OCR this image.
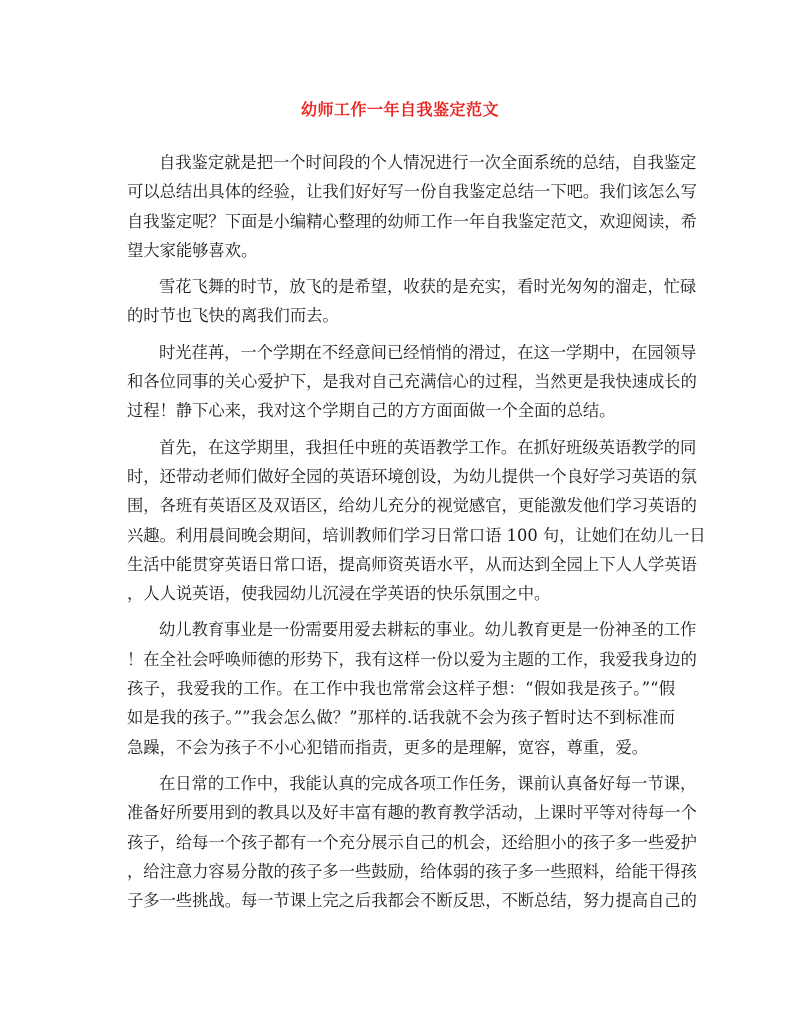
幼师工作一年自我鉴定范文
自我鉴定就是把一个时间段的个人情况进行一次全面系统的总结，自我鉴定
可以总结出具体的经验，让我们好好写一份自我鉴定总结一下吧。我们该怎么写
自我鉴定呢？下面是小编精心整理的幼师工作一年自我鉴定范文，欢迎阅读，希
望大家能够喜欢。
雪花飞舞的时节，放飞的是希望，收获的是充实，看时光匆匆的溜走，忙碌
的时节也飞快的离我们而去。
时光荏苒，一个学期在不经意间已经悄悄的滑过，在这一学期中，在园领导
和各位同事的关心爱护下，是我对自己充满信心的过程，当然更是我快速成长的
过程！静下心来，我对这个学期自己的方方面面做一个全面的总结。
首先，在这学期里，我担任中班的英语教学工作。在抓好班级英语教学的同
时，还带动老师们做好全园的英语环境创设，为幼儿提供一个良好学习英语的氛
围，各班有英语区及双语区，给幼儿充分的视觉感官，更能激发他们学习英语的
兴趣。利用晨间晚会期间，培训教师们学习日常口语 100 句，让她们在幼儿一日
生活中能贯穿英语日常口语，提高师资英语水平，从而达到全园上下人人学英语
，人人说英语，使我园幼儿沉浸在学英语的快乐氛围之中。
幼儿教育事业是一份需要用爱去耕耘的事业。幼儿教育更是一份神圣的工作
！在全社会呼唤师德的形势下，我有这样一份以爱为主题的工作，我爱我身边的
孩子，我爱我的工作。在工作中我也常常会这样子想：“假如我是孩子。”“假
如是我的孩子。””我会怎么做？”那样的.话我就不会为孩子暂时达不到标准而
急躁，不会为孩子不小心犯错而指责，更多的是理解，宽容，尊重，爱。
在日常的工作中，我能认真的完成各项工作任务，课前认真备好每一节课，
准备好所要用到的教具以及好丰富有趣的教育教学活动，上课时平等对待每一个
孩子，给每一个孩子都有一个充分展示自己的机会，还给胆小的孩子多一些爱护
，给注意力容易分散的孩子多一些鼓励，给体弱的孩子多一些照料，给能干得孩
子多一些挑战。每一节课上完之后我都会不断反思，不断总结，努力提高自己的
